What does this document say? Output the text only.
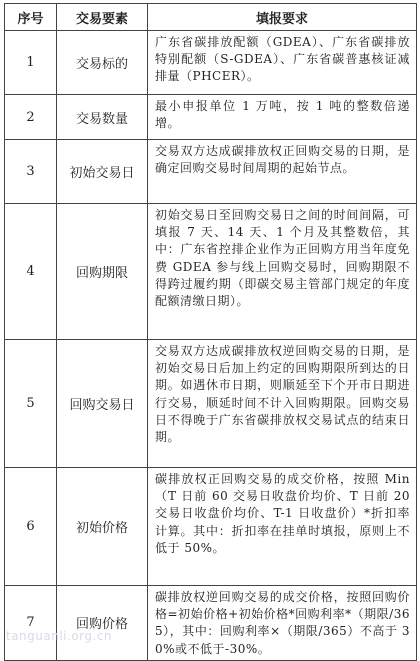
序号	交易要素	填报要求
1	交易标的	广东省碳排放配额（GDEA）、广东省碳排放特别配额（S-GDEA）、广东省碳普惠核证减排量（PHCER）。
2	交易数量	最小申报单位 1 万吨，按 1 吨的整数倍递增。
3	初始交易日	交易双方达成碳排放权正回购交易的日期，是确定回购交易时间周期的起始节点。
4	回购期限	初始交易日至回购交易日之间的时间间隔，可填报 7 天、14 天、1 个月及其整数倍，其中：广东省控排企业作为正回购方用当年度免费 GDEA 参与线上回购交易时，回购期限不得跨过履约期（即碳交易主管部门规定的年度配额清缴日期）。
5	回购交易日	交易双方达成碳排放权逆回购交易的日期，是初始交易日后加上约定的回购期限所到达的日期。如遇休市日期，则顺延至下个开市日期进行交易，顺延时间不计入回购期限。回购交易日不得晚于广东省碳排放权交易试点的结束日期。
6	初始价格	碳排放权正回购交易的成交价格，按照 Min（T 日前 60 交易日收盘价均价、T 日前 20 交易日收盘价均价、T-1 日收盘价）*折扣率计算。其中：折扣率在挂单时填报，原则上不低于 50%。
7	回购价格	碳排放权逆回购交易的成交价格，按照回购价格=初始价格+初始价格*回购利率*（期限/365），其中：回购利率×（期限/365）不高于 30%或不低于-30%。
tanguanli.org.cn
